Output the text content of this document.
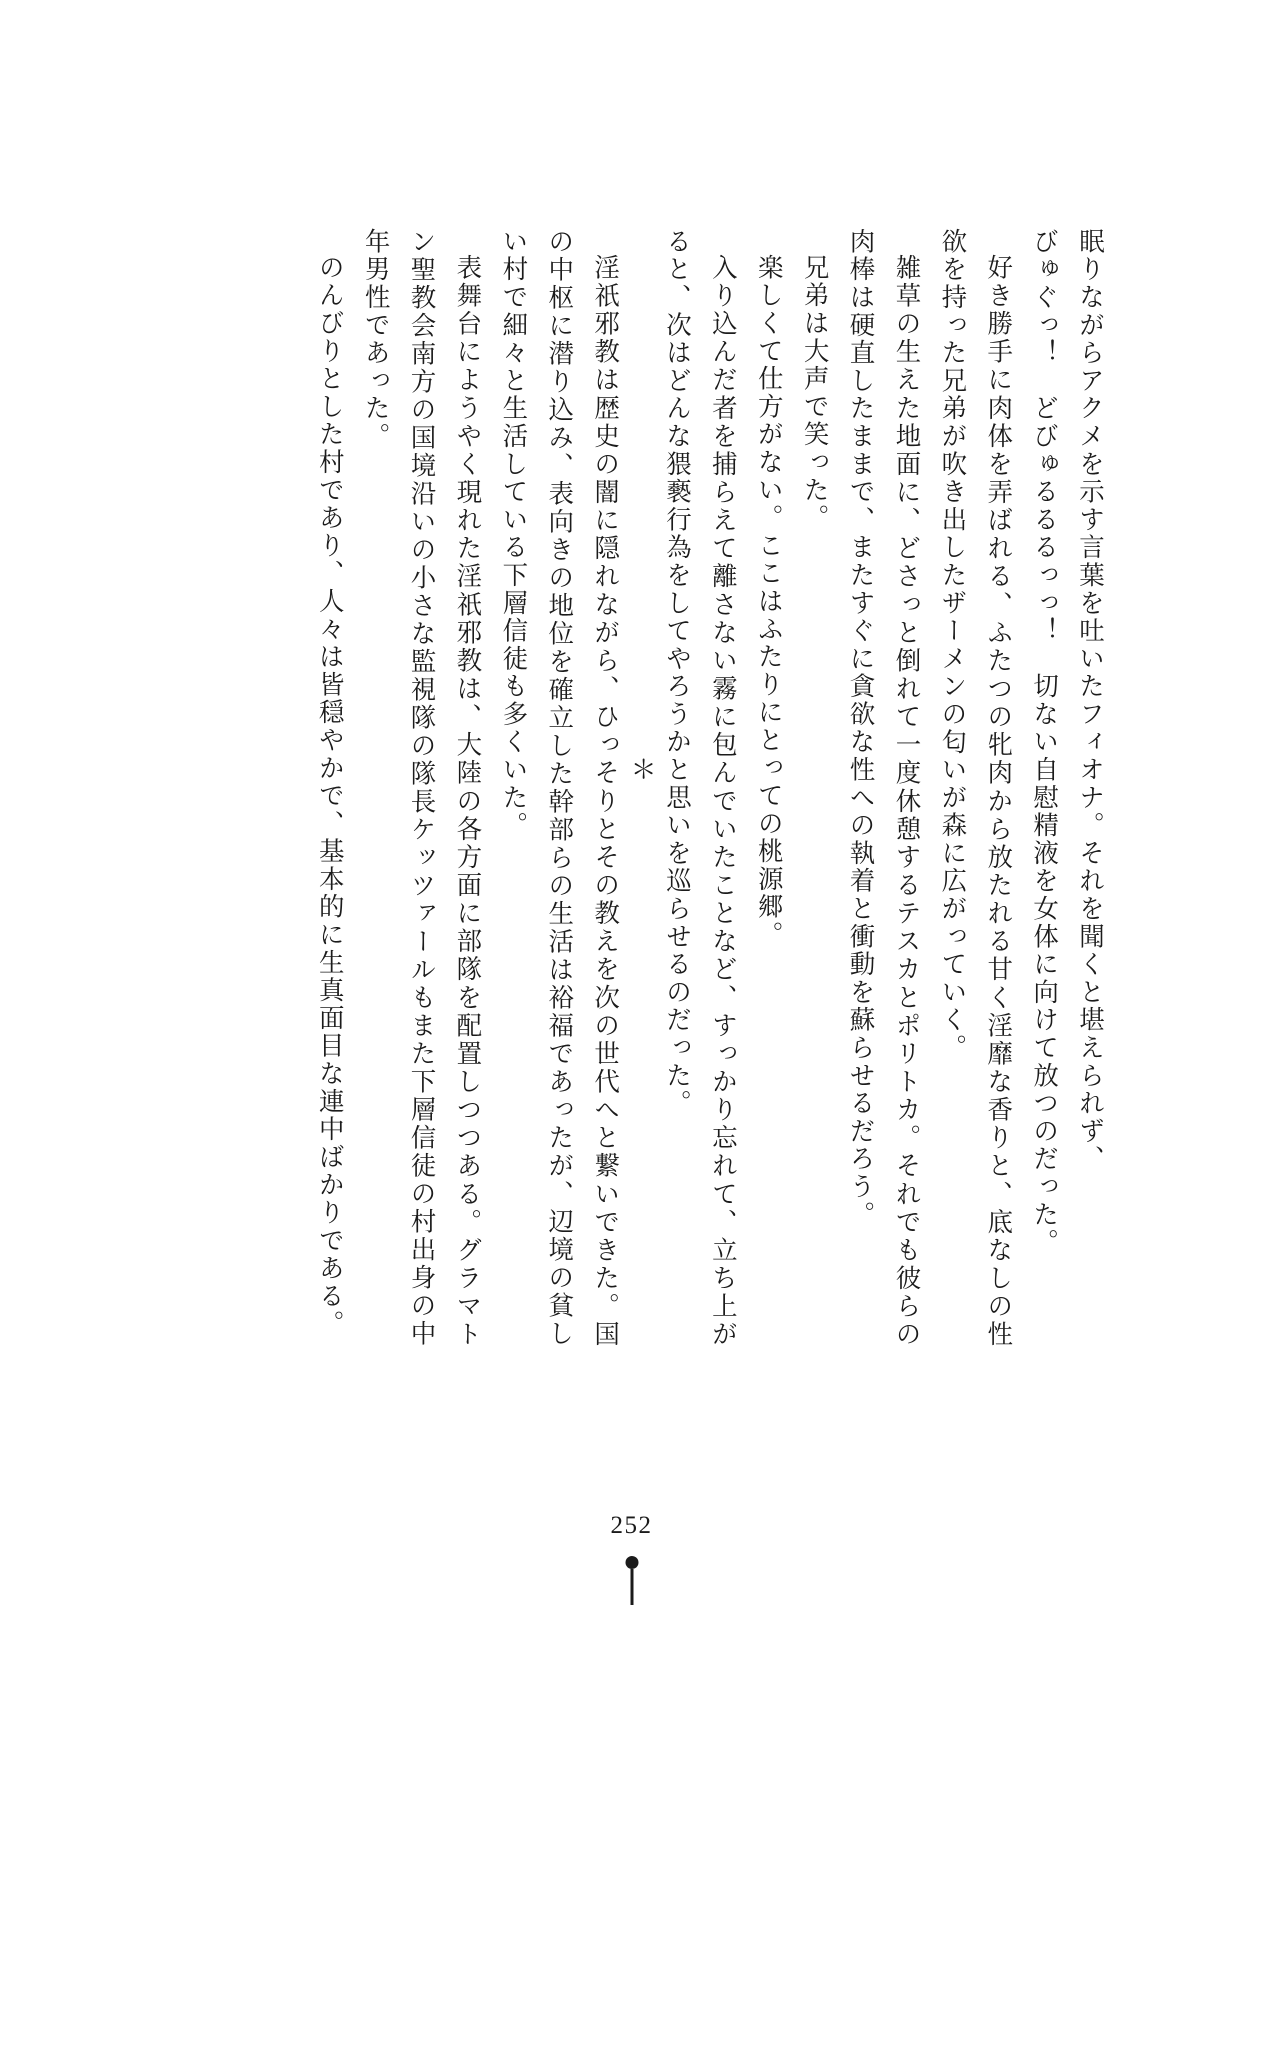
眠りながらアクメを示す言葉を吐いたフィオナ。それを聞くと堪えられず、

びゅぐっ！　どびゅるるるっっ！　切ない自慰精液を女体に向けて放つのだった。

好き勝手に肉体を弄ばれる、ふたつの牝肉から放たれる甘く淫靡な香りと、底なしの性欲を持った兄弟が吹き出したザーメンの匂いが森に広がっていく。

雑草の生えた地面に、どさっと倒れて一度休憩するテスカとポリトカ。それでも彼らの肉棒は硬直したままで、またすぐに貪欲な性への執着と衝動を蘇らせるだろう。

兄弟は大声で笑った。

楽しくて仕方がない。ここはふたりにとっての桃源郷。

入り込んだ者を捕らえて離さない霧に包んでいたことなど、すっかり忘れて、立ち上がると、次はどんな猥褻行為をしてやろうかと思いを巡らせるのだった。

＊

淫祇邪教は歴史の闇に隠れながら、ひっそりとその教えを次の世代へと繋いできた。国の中枢に潜り込み、表向きの地位を確立した幹部らの生活は裕福であったが、辺境の貧しい村で細々と生活している下層信徒も多くいた。

表舞台にようやく現れた淫祇邪教は、大陸の各方面に部隊を配置しつつある。グラマトン聖教会南方の国境沿いの小さな監視隊の隊長ケッツァールもまた下層信徒の村出身の中年男性であった。

のんびりとした村であり、人々は皆穏やかで、基本的に生真面目な連中ばかりである。

252
